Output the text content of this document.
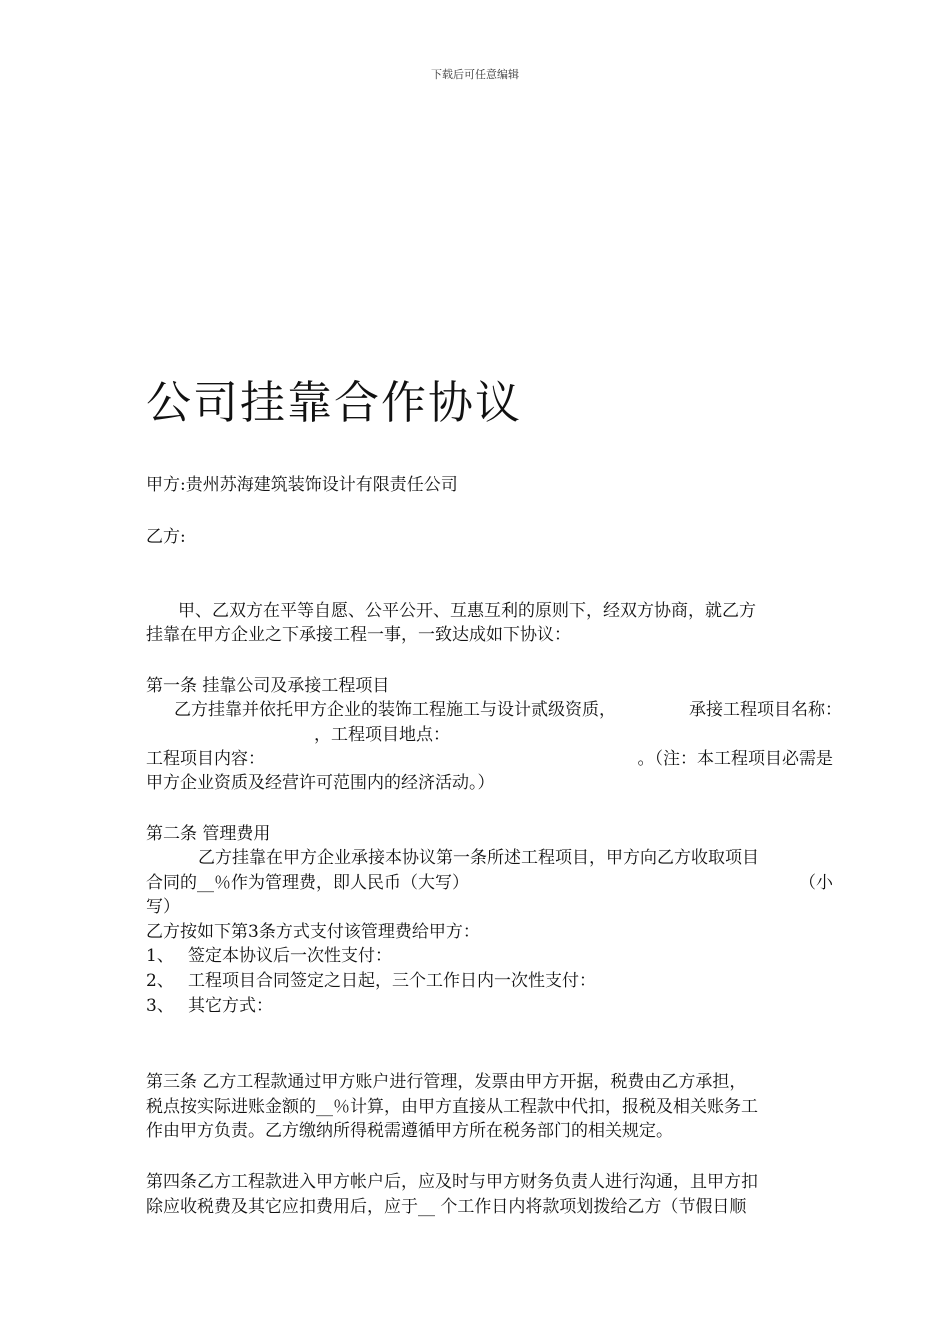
下载后可任意编辑
公司挂靠合作协议
甲方:贵州苏海建筑装饰设计有限责任公司
乙方:
甲、乙双方在平等自愿、公平公开、互惠互利的原则下，经双方协商，就乙方
挂靠在甲方企业之下承接工程一事，一致达成如下协议：
第一条 挂靠公司及承接工程项目
乙方挂靠并依托甲方企业的装饰工程施工与设计贰级资质，	承接工程项目名称：
，工程项目地点：
工程项目内容：	。（注：本工程项目必需是
甲方企业资质及经营许可范围内的经济活动。）
第二条 管理费用
乙方挂靠在甲方企业承接本协议第一条所述工程项目，甲方向乙方收取项目
合同的__％作为管理费，即人民币（大写）	（小
写）
乙方按如下第3条方式支付该管理费给甲方：
1、 签定本协议后一次性支付：
2、 工程项目合同签定之日起，三个工作日内一次性支付：
3、 其它方式：
第三条 乙方工程款通过甲方账户进行管理，发票由甲方开据，税费由乙方承担，
税点按实际进账金额的__％计算，由甲方直接从工程款中代扣，报税及相关账务工
作由甲方负责。乙方缴纳所得税需遵循甲方所在税务部门的相关规定。
第四条乙方工程款进入甲方帐户后，应及时与甲方财务负责人进行沟通，且甲方扣
除应收税费及其它应扣费用后，应于__ 个工作日内将款项划拨给乙方（节假日顺
